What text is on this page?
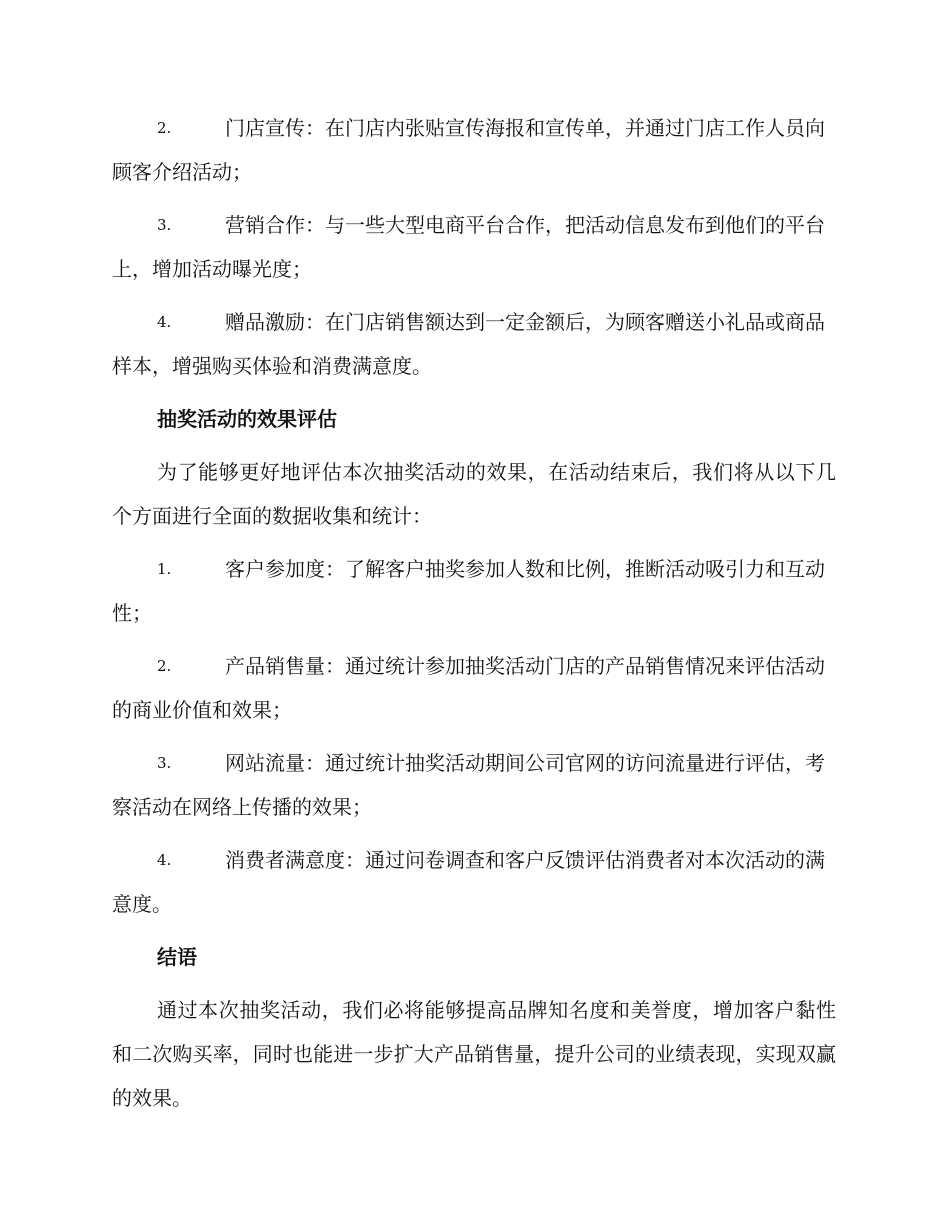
2.	门店宣传：在门店内张贴宣传海报和宣传单，并通过门店工作人员向顾客介绍活动；
3.	营销合作：与一些大型电商平台合作，把活动信息发布到他们的平台上，增加活动曝光度；
4.	赠品激励：在门店销售额达到一定金额后，为顾客赠送小礼品或商品样本，增强购买体验和消费满意度。
抽奖活动的效果评估

为了能够更好地评估本次抽奖活动的效果，在活动结束后，我们将从以下几个方面进行全面的数据收集和统计：

1.	客户参加度：了解客户抽奖参加人数和比例，推断活动吸引力和互动性；
2.	产品销售量：通过统计参加抽奖活动门店的产品销售情况来评估活动的商业价值和效果；
3.	网站流量：通过统计抽奖活动期间公司官网的访问流量进行评估，考察活动在网络上传播的效果；
4.	消费者满意度：通过问卷调查和客户反馈评估消费者对本次活动的满意度。
结语

通过本次抽奖活动，我们必将能够提高品牌知名度和美誉度，增加客户黏性和二次购买率，同时也能进一步扩大产品销售量，提升公司的业绩表现，实现双赢的效果。
